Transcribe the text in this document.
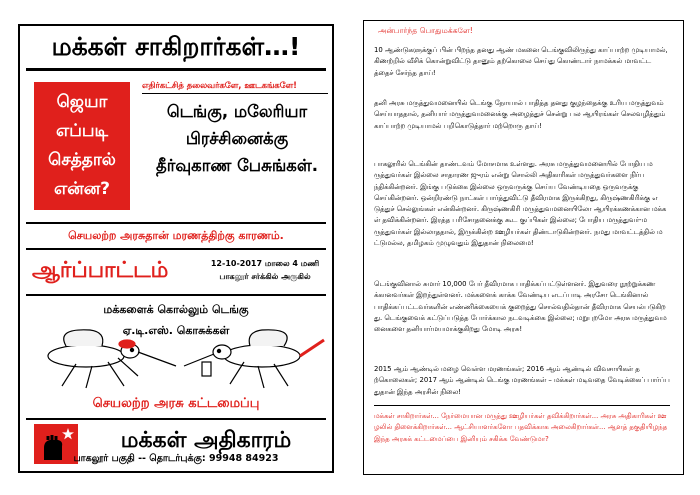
மக்கள் சாகிறார்கள்…!
ஜெயா
எப்படி
செத்தால்
என்ன?
எதிர்கட்சித் தலைவர்களே, ஊடகங்களே!
டெங்கு, மலேரியா
பிரச்சினைக்கு
தீர்வுகாண பேசுங்கள்.
செயலற்ற அரசுதான் மரணத்திற்கு காரணம்.
ஆர்ப்பாட்டம்	12-10-2017 மாலை 4 மணி
பாகலூர் சர்க்கில் அருகில்
மக்களைக் கொல்லும் டெங்கு
ஏ.டி.எஸ். கொசுக்கள்
செயலற்ற அரசு கட்டமைப்பு
மக்கள் அதிகாரம்
பாகலூர் பகுதி -- தொடர்புக்கு: 99948 84923
அன்பார்ந்த பொதுமக்களே!
10 ஆண்டுகளுக்குப் பின் பிறந்த தனது ஆண் மகனை டெங்குவிலிருந்து காப்பாற்ற முடியாமல், கிணற்றில் வீசிக் கொன்றுவிட்டு தானும் தற்கொலை செய்து கொண்டார் நாமக்கல் மாவட்டத்தைச் சேர்ந்த தாய்!
தனி அரசு மருத்துவமனையில் டெங்கு நோயால் பாதித்த தனது குழந்தைக்கு உரிய மருத்துவம் செய்யாததால், தனியார் மருத்துவமனைக்கு அழைத்துச் சென்று பல ஆயிரங்கள் செலவழித்தும் காப்பாற்ற முடியாமல் பறிகொடுத்தார் மற்றொரு தாய்!
பாகலூரில் டெங்கின் தாண்டவம் மோசமாக உள்ளது. அரசு மருத்துவமனையில் போதிய மருத்துவர்கள் இல்லை சாதாரண ஜுரம் என்று சொல்லி அதிகாரிகள் மருத்துவர்களை நிர்பந்திக்கின்றனர். இங்கு படுக்கை இல்லை ஒருவருக்கு செய்ய வேண்டியதை ஒருவருக்கு செய்கின்றனர். ஒன்றிரண்டு நாட்கள் பார்த்துவிட்டு தீவிரமாக இருக்கிறது, கிருஷ்ணகிரிக்கு எடுத்துச் செல்லுங்கள் என்கின்றனர். கிருஷ்ணகிரி மருத்துவமனையிலோ ஆயிரக்கணக்கான மக்கள் தவிக்கின்றனர். இரத்த பரிசோதனைக்கு கூட குப்பிகள் இல்லை; போதிய மருத்துவர்-மருத்துவர்கள் இல்லாததால், இருக்கின்ற ஊழியர்கள் திண்டாடுகின்றனர். நமது மாவட்டத்தில் மட்டுமல்ல, தமிழகம் முழுவதும் இதுதான் நிலைமை!
டெங்குவினால் சுமார் 10,000 பேர் தீவிரமாக பாதிக்கப்பட்டுள்ளனர். இதுவரை நூற்றுக்கணக்கானவர்கள் இறந்துள்ளனர். மக்களைக் காக்க வேண்டிய எடப்பாடி அரசோ டெங்கினால் பாதிக்கப்பட்டவர்களின் எண்ணிக்கையைக் குறைத்து சொல்வதில்தான் தீவிரமாக செயல்படுகிறது. டெங்குவைக் கட்டுப்படுத்த போர்க்கால நடவடிக்கை இல்லை; மறுபுறமோ அரசு மருத்துவமனைகளை தனியார்மயமாக்குகிறது மோடி அரசு!
2015 ஆம் ஆண்டில் மழை வெள்ள மரணங்கள்; 2016 ஆம் ஆண்டில் விவசாயிகள் தற்கொலைகள்; 2017 ஆம் ஆண்டில் டெங்கு மரணங்கள் – மக்கள் மடிவதை வேடிக்கைப் பார்ப்பதுதான் இந்த அரசின் நிலை!
மக்கள் சாகிறார்கள்... நேர்மையான மருத்து ஊழியர்கள் தவிக்கிறார்கள்... அரசு அதிகாரிகள் ஊழலில் திளைக்கிறார்கள்... ஆட்சியாளர்களோ பதவிக்காக அலைகிறார்கள்... ஆளத் தகுதியிழந்த இந்த அரசுக் கட்டமைப்பை இனியும் சகிக்க வேண்டுமா?
